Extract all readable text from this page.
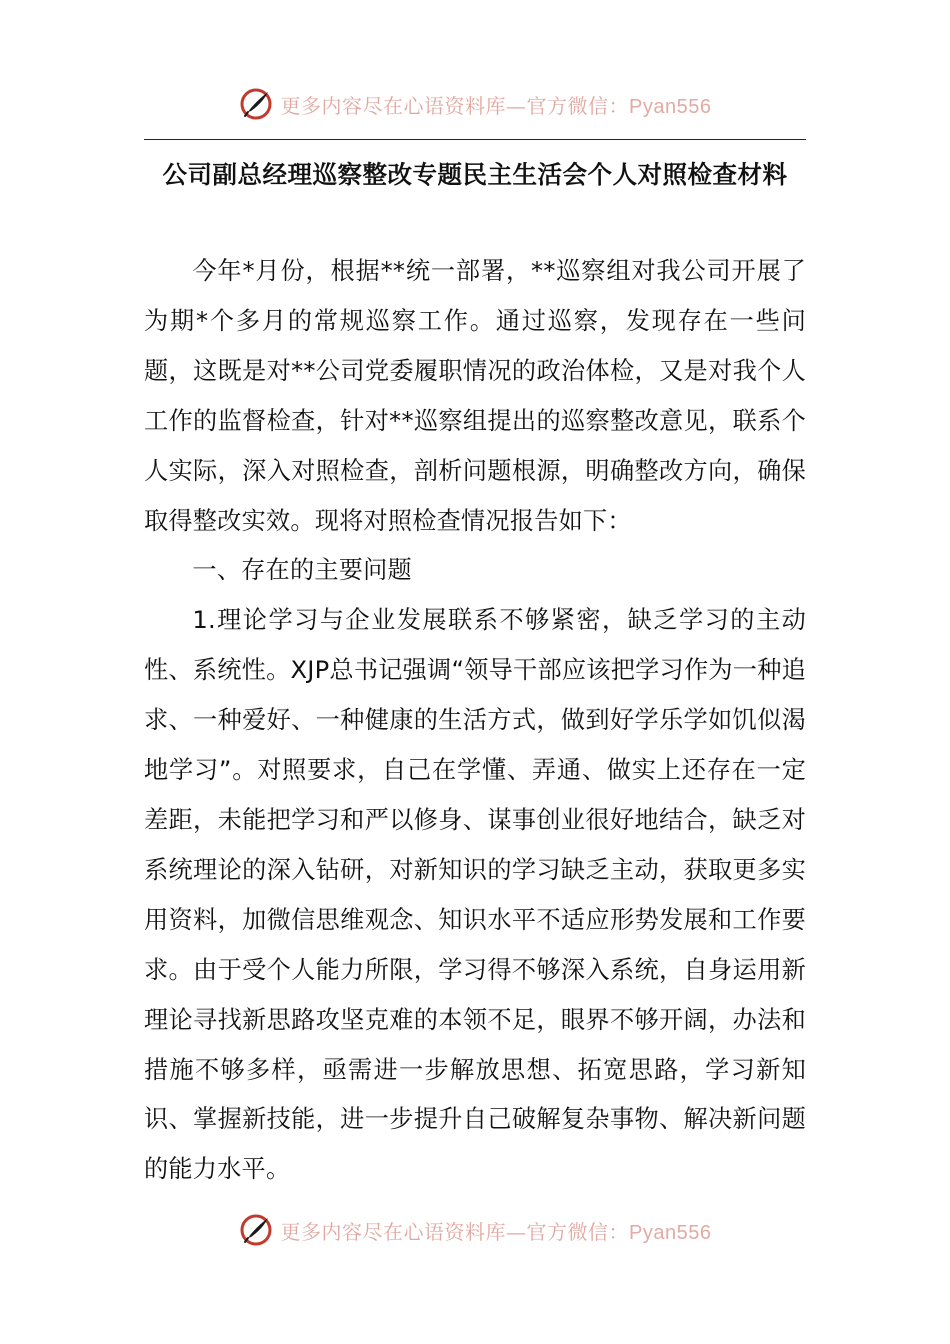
更多内容尽在心语资料库—官方微信：Pyan556
公司副总经理巡察整改专题民主生活会个人对照检查材料

今年*月份，根据**统一部署，**巡察组对我公司开展了为期*个多月的常规巡察工作。通过巡察，发现存在一些问题，这既是对**公司党委履职情况的政治体检，又是对我个人工作的监督检查，针对**巡察组提出的巡察整改意见，联系个人实际，深入对照检查，剖析问题根源，明确整改方向，确保取得整改实效。现将对照检查情况报告如下：

一、存在的主要问题

1.理论学习与企业发展联系不够紧密，缺乏学习的主动性、系统性。XJP总书记强调“领导干部应该把学习作为一种追求、一种爱好、一种健康的生活方式，做到好学乐学如饥似渴地学习”。对照要求，自己在学懂、弄通、做实上还存在一定差距，未能把学习和严以修身、谋事创业很好地结合，缺乏对系统理论的深入钻研，对新知识的学习缺乏主动，获取更多实用资料，加微信思维观念、知识水平不适应形势发展和工作要求。由于受个人能力所限，学习得不够深入系统，自身运用新理论寻找新思路攻坚克难的本领不足，眼界不够开阔，办法和措施不够多样，亟需进一步解放思想、拓宽思路，学习新知识、掌握新技能，进一步提升自己破解复杂事物、解决新问题的能力水平。

更多内容尽在心语资料库—官方微信：Pyan556
